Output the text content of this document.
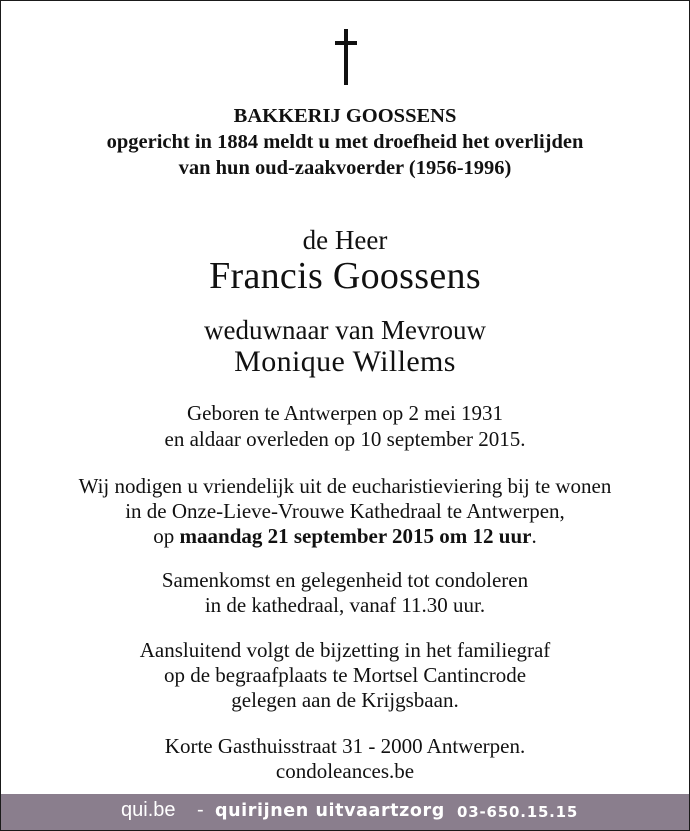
BAKKERIJ GOOSSENS
opgericht in 1884 meldt u met droefheid het overlijden
van hun oud-zaakvoerder (1956-1996)
de Heer
Francis Goossens
weduwnaar van Mevrouw
Monique Willems
Geboren te Antwerpen op 2 mei 1931
en aldaar overleden op 10 september 2015.
Wij nodigen u vriendelijk uit de eucharistieviering bij te wonen
in de Onze-Lieve-Vrouwe Kathedraal te Antwerpen,
op maandag 21 september 2015 om 12 uur.
Samenkomst en gelegenheid tot condoleren
in de kathedraal, vanaf 11.30 uur.
Aansluitend volgt de bijzetting in het familiegraf
op de begraafplaats te Mortsel Cantincrode
gelegen aan de Krijgsbaan.
Korte Gasthuisstraat 31 - 2000 Antwerpen.
condoleances.be
qui.be - quirijnen uitvaartzorg 03-650.15.15
